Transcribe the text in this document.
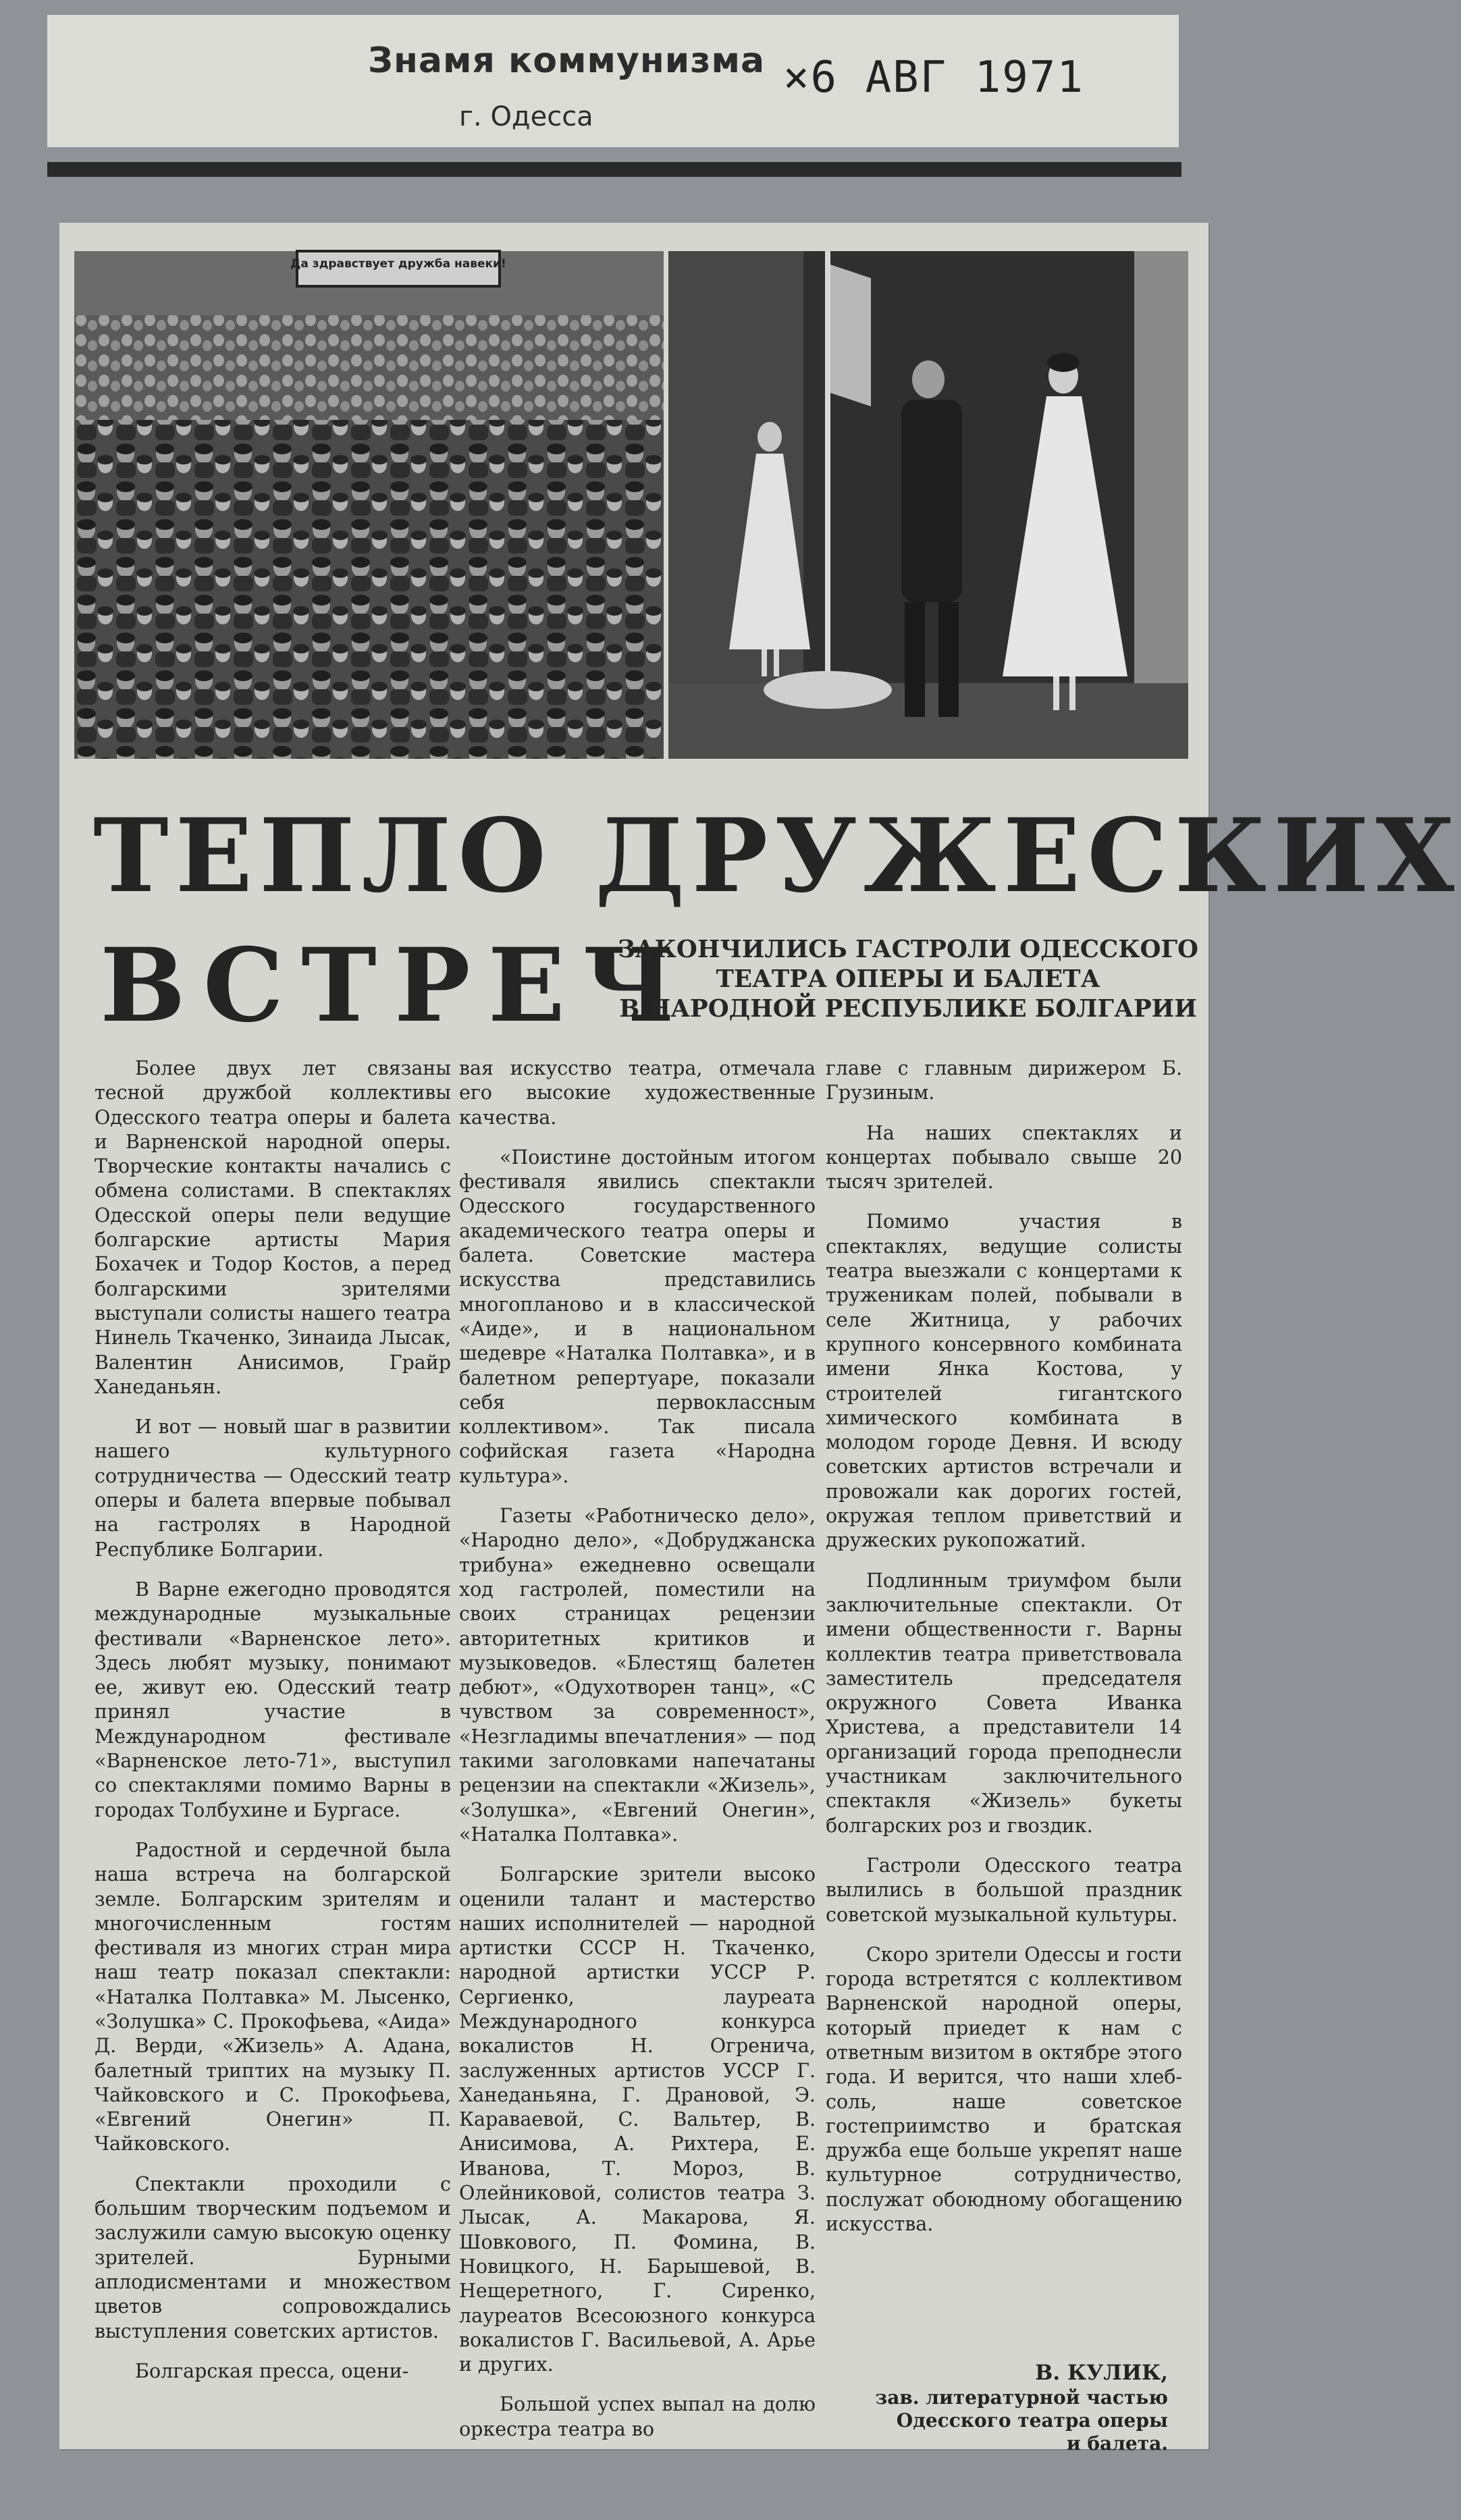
Знамя коммунизма
г. Одесса
×6 АВГ 1971
Да здравствует дружба навеки!
ТЕПЛО ДРУЖЕСКИХ
ВСТРЕЧ
ЗАКОНЧИЛИСЬ ГАСТРОЛИ ОДЕССКОГО
ТЕАТРА ОПЕРЫ И БАЛЕТА
В НАРОДНОЙ РЕСПУБЛИКЕ БОЛГАРИИ

Более двух лет связаны тесной дружбой коллективы Одесского театра оперы и балета и Варненской народной оперы. Творческие контакты начались с обмена солистами. В спектаклях Одесской оперы пели ведущие болгарские артисты Мария Бохачек и Тодор Костов, а перед болгарскими зрителями выступали солисты нашего театра Нинель Ткаченко, Зинаида Лысак, Валентин Анисимов, Грайр Ханеданьян.

И вот — новый шаг в развитии нашего культурного сотрудничества — Одесский театр оперы и балета впервые побывал на гастролях в Народной Республике Болгарии.

В Варне ежегодно проводятся международные музыкальные фестивали «Варненское лето». Здесь любят музыку, понимают ее, живут ею. Одесский театр принял участие в Международном фестивале «Варненское лето-71», выступил со спектаклями помимо Варны в городах Толбухине и Бургасе.

Радостной и сердечной была наша встреча на болгарской земле. Болгарским зрителям и многочисленным гостям фестиваля из многих стран мира наш театр показал спектакли: «Наталка Полтавка» М. Лысенко, «Золушка» С. Прокофьева, «Аида» Д. Верди, «Жизель» А. Адана, балетный триптих на музыку П. Чайковского и С. Прокофьева, «Евгений Онегин» П. Чайковского.

Спектакли проходили с большим творческим подъемом и заслужили самую высокую оценку зрителей. Бурными аплодисментами и множеством цветов сопровождались выступления советских артистов.

Болгарская пресса, оцени-

вая искусство театра, отмечала его высокие художественные качества.

«Поистине достойным итогом фестиваля явились спектакли Одесского государственного академического театра оперы и балета. Советские мастера искусства представились многопланово и в классической «Аиде», и в национальном шедевре «Наталка Полтавка», и в балетном репертуаре, показали себя первоклассным коллективом». Так писала софийская газета «Народна культура».

Газеты «Работническо дело», «Народно дело», «Добруджанска трибуна» ежедневно освещали ход гастролей, поместили на своих страницах рецензии авторитетных критиков и музыковедов. «Блестящ балетен дебют», «Одухотворен танц», «С чувством за современност», «Незгладимы впечатления» — под такими заголовками напечатаны рецензии на спектакли «Жизель», «Золушка», «Евгений Онегин», «Наталка Полтавка».

Болгарские зрители высоко оценили талант и мастерство наших исполнителей — народной артистки СССР Н. Ткаченко, народной артистки УССР Р. Сергиенко, лауреата Международного конкурса вокалистов Н. Огренича, заслуженных артистов УССР Г. Ханеданьяна, Г. Драновой, Э. Караваевой, С. Вальтер, В. Анисимова, А. Рихтера, Е. Иванова, Т. Мороз, В. Олейниковой, солистов театра З. Лысак, А. Макарова, Я. Шовкового, П. Фомина, В. Новицкого, Н. Барышевой, В. Нещеретного, Г. Сиренко, лауреатов Всесоюзного конкурса вокалистов Г. Васильевой, А. Арье и других.

Большой успех выпал на долю оркестра театра во

главе с главным дирижером Б. Грузиным.

На наших спектаклях и концертах побывало свыше 20 тысяч зрителей.

Помимо участия в спектаклях, ведущие солисты театра выезжали с концертами к труженикам полей, побывали в селе Житница, у рабочих крупного консервного комбината имени Янка Костова, у строителей гигантского химического комбината в молодом городе Девня. И всюду советских артистов встречали и провожали как дорогих гостей, окружая теплом приветствий и дружеских рукопожатий.

Подлинным триумфом были заключительные спектакли. От имени общественности г. Варны коллектив театра приветствовала заместитель председателя окружного Совета Иванка Христева, а представители 14 организаций города преподнесли участникам заключительного спектакля «Жизель» букеты болгарских роз и гвоздик.

Гастроли Одесского театра вылились в большой праздник советской музыкальной культуры.

Скоро зрители Одессы и гости города встретятся с коллективом Варненской народной оперы, который приедет к нам с ответным визитом в октябре этого года. И верится, что наши хлеб-соль, наше советское гостеприимство и братская дружба еще больше укрепят наше культурное сотрудничество, послужат обоюдному обогащению искусства.

В. КУЛИК,
зав. литературной частью
Одесского театра оперы
и балета.
